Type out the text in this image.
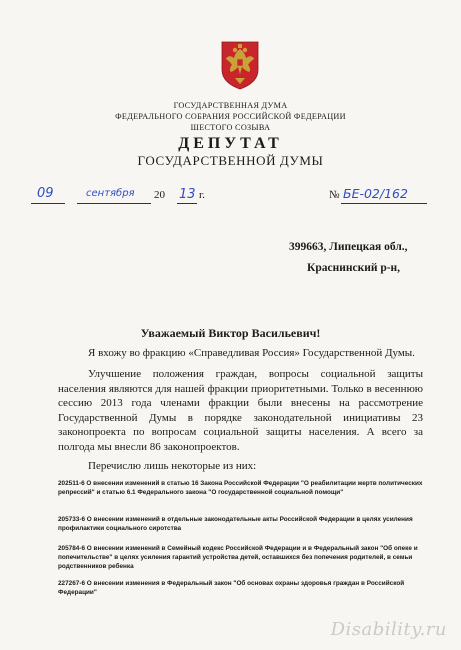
ГОСУДАРСТВЕННАЯ ДУМА
ФЕДЕРАЛЬНОГО СОБРАНИЯ РОССИЙСКОЙ ФЕДЕРАЦИИ
ШЕСТОГО СОЗЫВА
ДЕПУТАТ
ГОСУДАРСТВЕННОЙ ДУМЫ
09	сентября 20 13 г.	№ БЕ-02/162
399663, Липецкая обл.,
Краснинский р-н,
Уважаемый Виктор Васильевич!
Я вхожу во фракцию «Справедливая Россия» Государственной Думы.
Улучшение положения граждан, вопросы социальной защиты населения являются для нашей фракции приоритетными. Только в весеннюю сессию 2013 года членами фракции были внесены на рассмотрение Государственной Думы в порядке законодательной инициативы 23 законопроекта по вопросам социальной защиты населения. А всего за полгода мы внесли 86 законопроектов.
Перечислю лишь некоторые из них:
202511-6 О внесении изменений в статью 16 Закона Российской Федерации "О реабилитации жертв политических репрессий" и статью 6.1 Федерального закона "О государственной социальной помощи"
205733-6 О внесении изменений в отдельные законодательные акты Российской Федерации в целях усиления профилактики социального сиротства
205784-6 О внесении изменений в Семейный кодекс Российской Федерации и в Федеральный закон "Об опеке и попечительстве" в целях усиления гарантий устройства детей, оставшихся без попечения родителей, в семьи родственников ребенка
227267-6 О внесении изменения в Федеральный закон "Об основах охраны здоровья граждан в Российской Федерации"
Disability.ru
